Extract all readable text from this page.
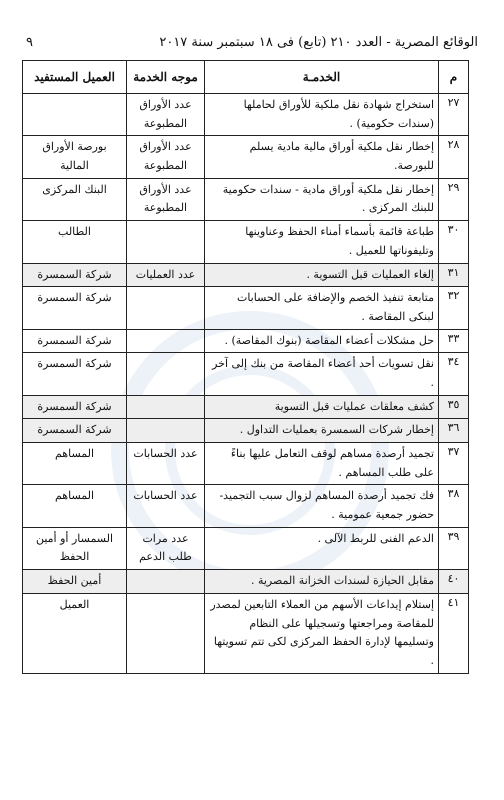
٩	الوقائع المصرية - العدد ٢١٠ (تابع) فى ١٨ سبتمبر سنة ٢٠١٧
م	الخدمـة	موجه الخدمة	العميل المستفيد
٢٧	استخراج شهادة نقل ملكية للأوراق لحاملها (سندات حكومية) .	عدد الأوراق المطبوعة	
٢٨	إخطار نقل ملكية أوراق مالية مادية يسلم للبورصة.	عدد الأوراق المطبوعة	بورصة الأوراق المالية
٢٩	إخطار نقل ملكية أوراق مادية - سندات حكومية للبنك المركزى .	عدد الأوراق المطبوعة	البنك المركزى
٣٠	طباعة قائمة بأسماء أمناء الحفظ وعناوينها وتليفوناتها للعميل .		الطالب
٣١	إلغاء العمليات قبل التسوية .	عدد العمليات	شركة السمسرة
٣٢	متابعة تنفيذ الخصم والإضافة على الحسابات لبنكى المقاصة .		شركة السمسرة
٣٣	حل مشكلات أعضاء المقاصة (بنوك المقاصة) .		شركة السمسرة
٣٤	نقل تسويات أحد أعضاء المقاصة من بنك إلى آخر .		شركة السمسرة
٣٥	كشف معلقات عمليات قبل التسوية		شركة السمسرة
٣٦	إخطار شركات السمسرة بعمليات التداول .		شركة السمسرة
٣٧	تجميد أرصدة مساهم لوقف التعامل عليها بناءً على طلب المساهم .	عدد الحسابات	المساهم
٣٨	فك تجميد أرصدة المساهم لزوال سبب التجميد- حضور جمعية عمومية .	عدد الحسابات	المساهم
٣٩	الدعم الفنى للربط الآلى .	عدد مرات طلب الدعم	السمسار أو أمين الحفظ
٤٠	مقابل الحيازة لسندات الخزانة المصرية .		أمين الحفظ
٤١	إستلام إيداعات الأسهم من العملاء التابعين لمصدر للمقاصة ومراجعتها وتسجيلها على النظام وتسليمها لإدارة الحفظ المركزى لكى تتم تسويتها .		العميل
